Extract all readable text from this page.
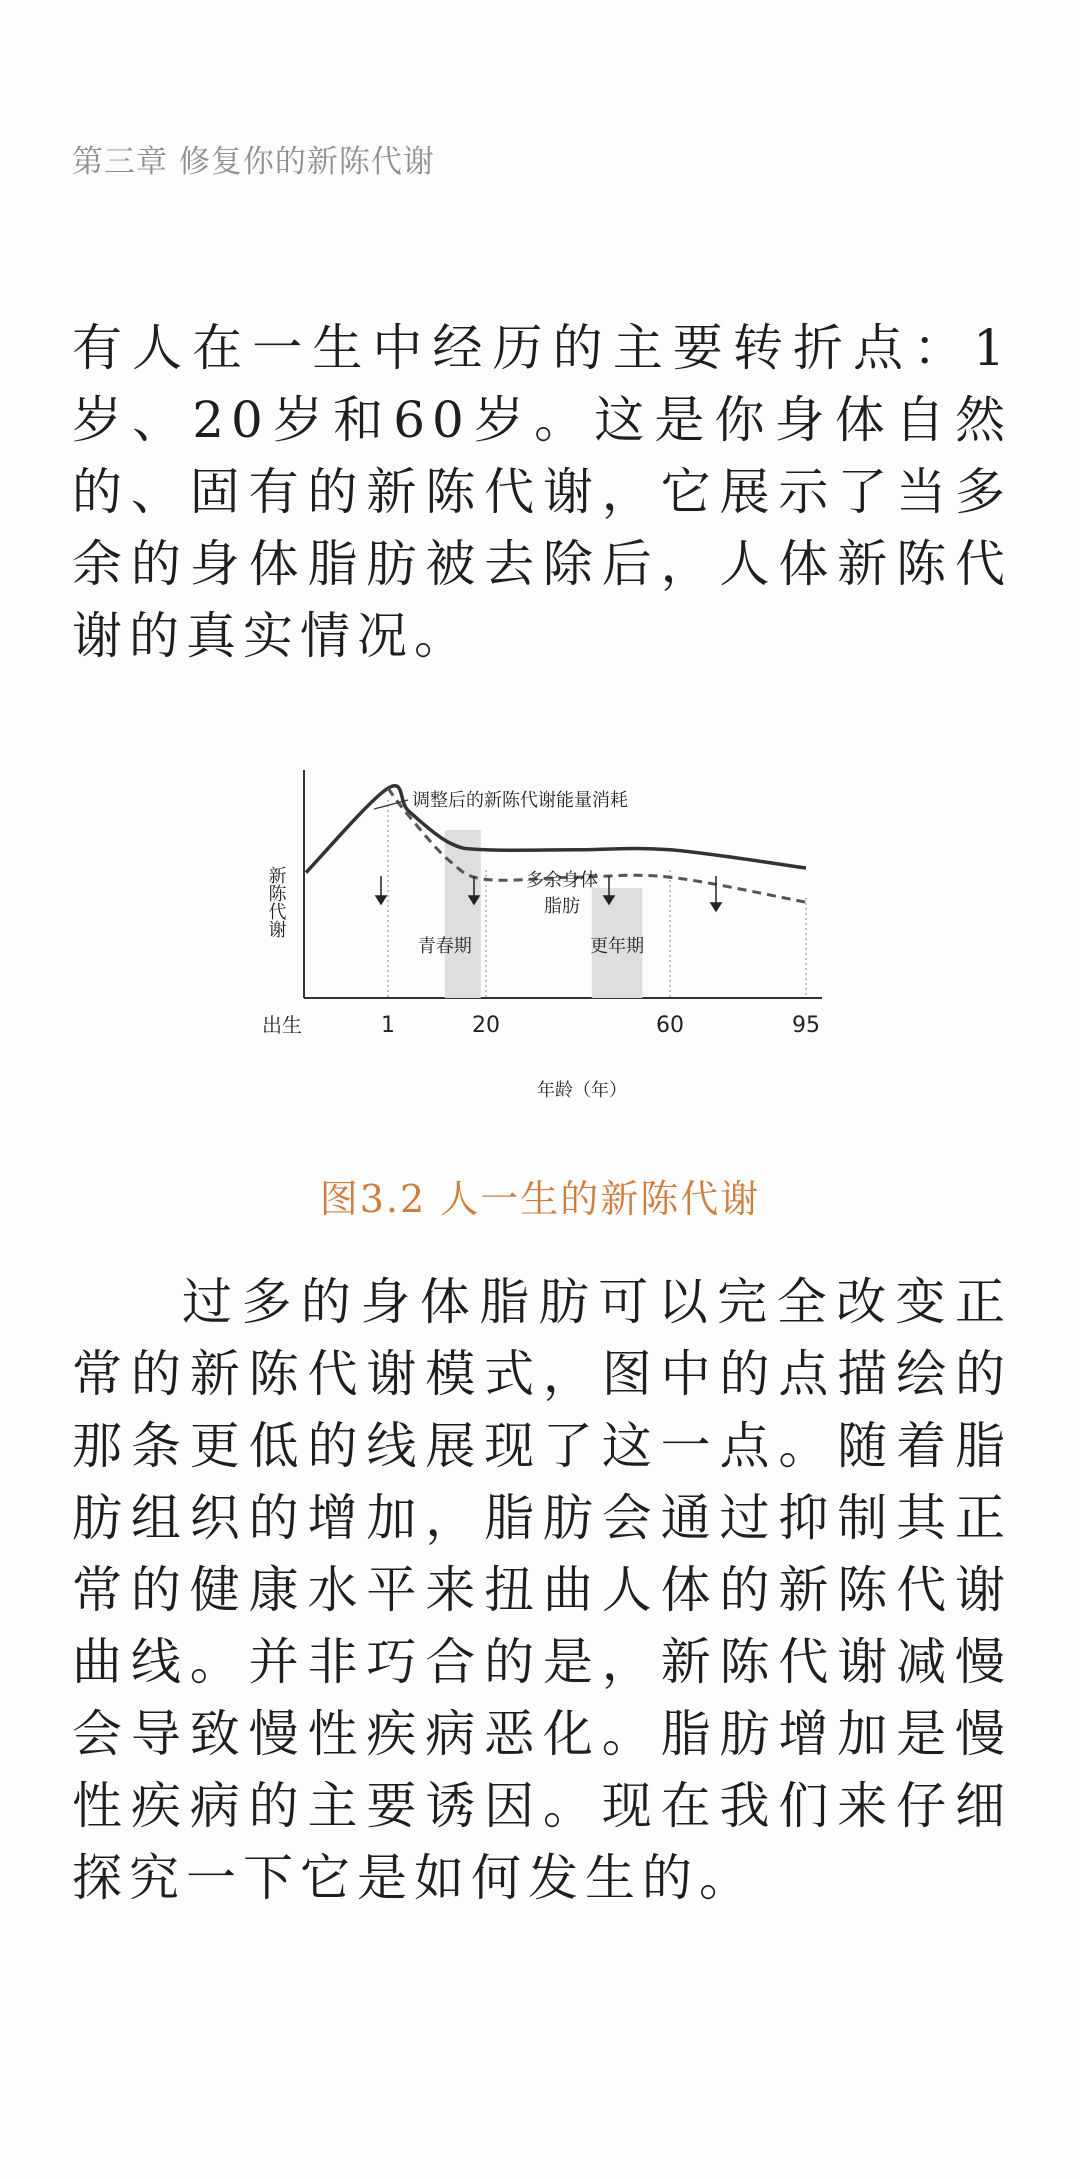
第三章 修复你的新陈代谢

有人在一生中经历的主要转折点：1岁、20岁和60岁。这是你身体自然的、固有的新陈代谢，它展示了当多余的身体脂肪被去除后，人体新陈代谢的真实情况。

调整后的新陈代谢能量消耗
多余身体
脂肪
青春期	更年期
新陈代谢
出生	1	20	60	95
年龄（年）
图3.2 人一生的新陈代谢

过多的身体脂肪可以完全改变正常的新陈代谢模式，图中的点描绘的那条更低的线展现了这一点。随着脂肪组织的增加，脂肪会通过抑制其正常的健康水平来扭曲人体的新陈代谢曲线。并非巧合的是，新陈代谢减慢会导致慢性疾病恶化。脂肪增加是慢性疾病的主要诱因。现在我们来仔细探究一下它是如何发生的。
